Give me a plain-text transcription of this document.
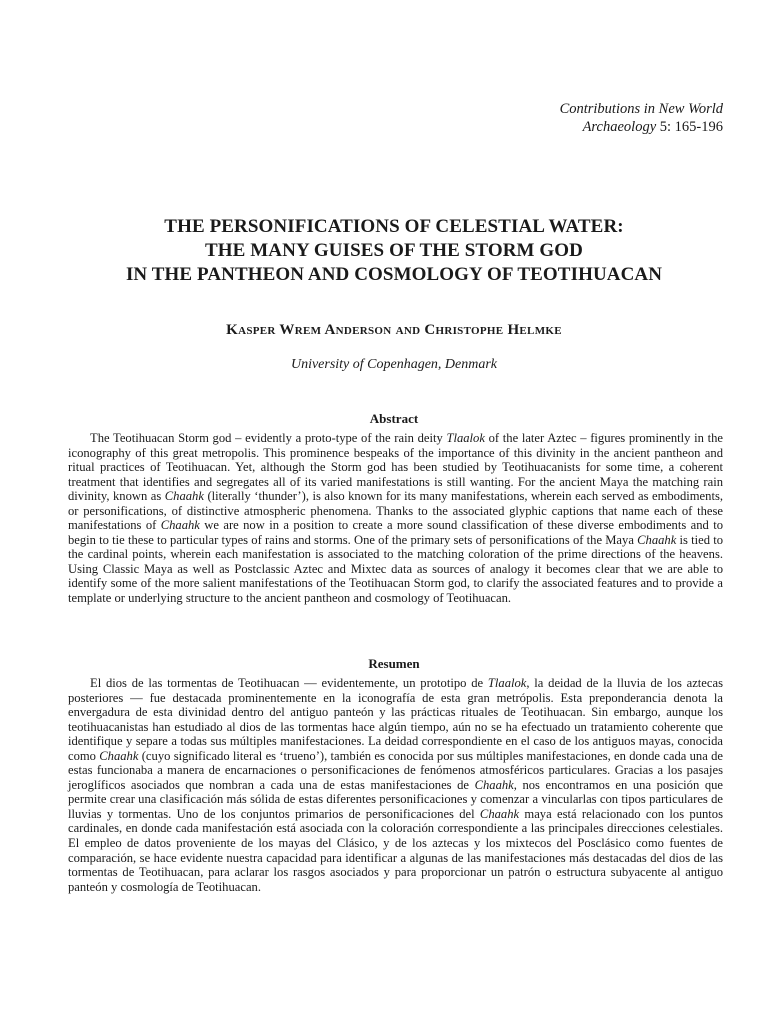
Contributions in New World
Archaeology 5: 165-196
THE PERSONIFICATIONS OF CELESTIAL WATER:
THE MANY GUISES OF THE STORM GOD
IN THE PANTHEON AND COSMOLOGY OF TEOTIHUACAN
Kasper Wrem Anderson and Christophe Helmke
University of Copenhagen, Denmark
Abstract

The Teotihuacan Storm god – evidently a proto-type of the rain deity Tlaalok of the later Aztec – figures prominently in the iconography of this great metropolis. This prominence bespeaks of the importance of this divinity in the ancient pantheon and ritual practices of Teotihuacan. Yet, although the Storm god has been studied by Teotihuacanists for some time, a coherent treatment that identifies and segregates all of its varied manifestations is still wanting. For the ancient Maya the matching rain divinity, known as Chaahk (literally ‘thunder’), is also known for its many manifestations, wherein each served as embodiments, or personifications, of distinctive atmospheric phenomena. Thanks to the associated glyphic captions that name each of these manifestations of Chaahk we are now in a position to create a more sound classification of these diverse embodiments and to begin to tie these to particular types of rains and storms. One of the primary sets of personifications of the Maya Chaahk is tied to the cardinal points, wherein each manifestation is associated to the matching coloration of the prime directions of the heavens. Using Classic Maya as well as Postclassic Aztec and Mixtec data as sources of analogy it becomes clear that we are able to identify some of the more salient manifestations of the Teotihuacan Storm god, to clarify the associated features and to provide a template or underlying structure to the ancient pantheon and cosmology of Teotihuacan.

Resumen

El dios de las tormentas de Teotihuacan — evidentemente, un prototipo de Tlaalok, la deidad de la lluvia de los aztecas posteriores — fue destacada prominentemente en la iconografía de esta gran metrópolis. Esta preponderancia denota la envergadura de esta divinidad dentro del antiguo panteón y las prácticas rituales de Teotihuacan. Sin embargo, aunque los teotihuacanistas han estudiado al dios de las tormentas hace algún tiempo, aún no se ha efectuado un tratamiento coherente que identifique y separe a todas sus múltiples manifestaciones. La deidad correspondiente en el caso de los antiguos mayas, conocida como Chaahk (cuyo significado literal es ‘trueno’), también es conocida por sus múltiples manifestaciones, en donde cada una de estas funcionaba a manera de encarnaciones o personificaciones de fenómenos atmosféricos particulares. Gracias a los pasajes jeroglíficos asociados que nombran a cada una de estas manifestaciones de Chaahk, nos encontramos en una posición que permite crear una clasificación más sólida de estas diferentes personificaciones y comenzar a vincularlas con tipos particulares de lluvias y tormentas. Uno de los conjuntos primarios de personificaciones del Chaahk maya está relacionado con los puntos cardinales, en donde cada manifestación está asociada con la coloración correspondiente a las principales direcciones celestiales. El empleo de datos proveniente de los mayas del Clásico, y de los aztecas y los mixtecos del Posclásico como fuentes de comparación, se hace evidente nuestra capacidad para identificar a algunas de las manifestaciones más destacadas del dios de las tormentas de Teotihuacan, para aclarar los rasgos asociados y para proporcionar un patrón o estructura subyacente al antiguo panteón y cosmología de Teotihuacan.
